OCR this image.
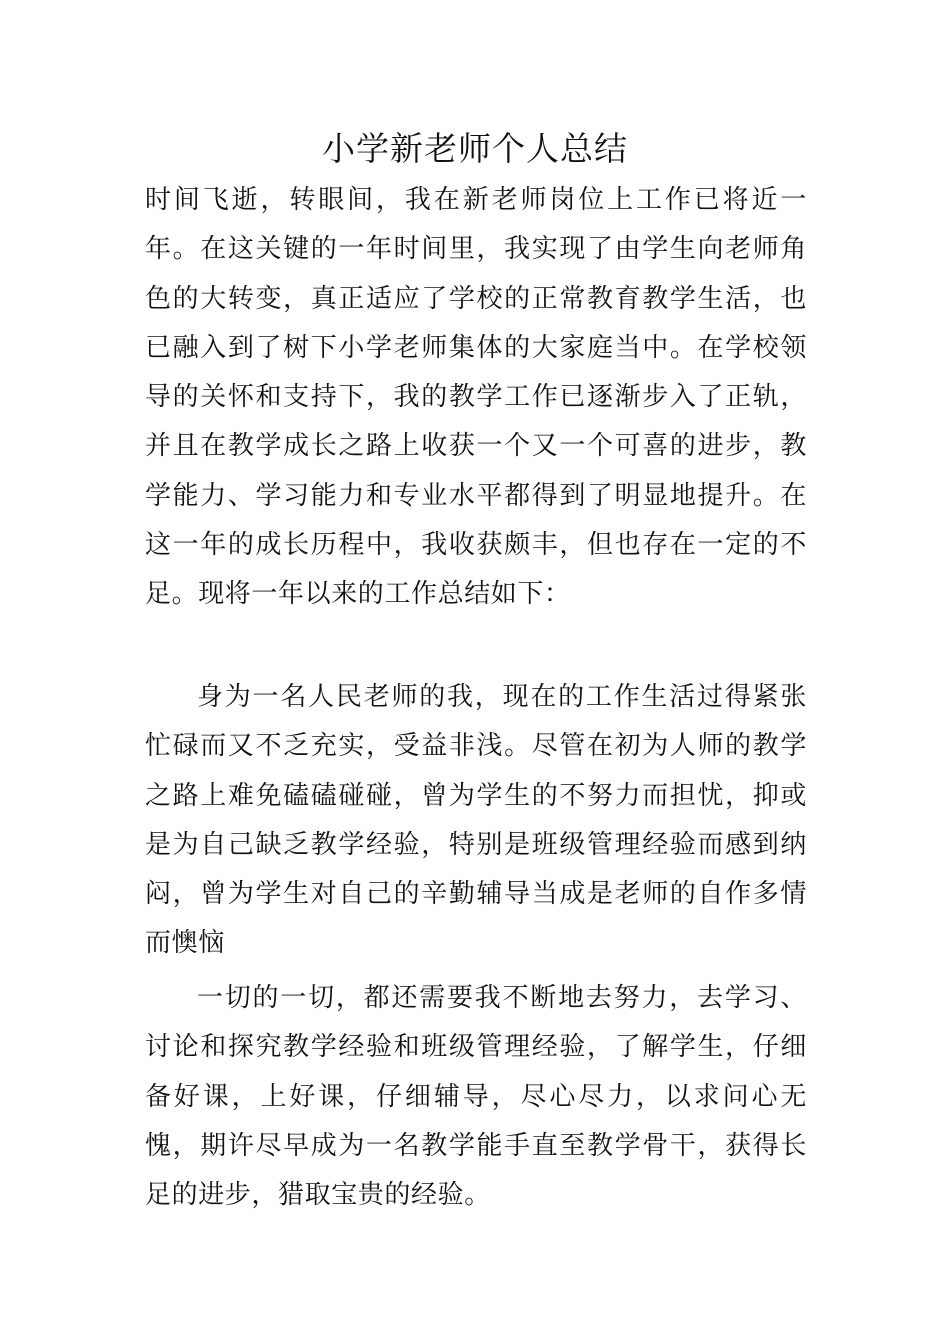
小学新老师个人总结

时间飞逝，转眼间，我在新老师岗位上工作已将近一年。在这关键的一年时间里，我实现了由学生向老师角色的大转变，真正适应了学校的正常教育教学生活，也已融入到了树下小学老师集体的大家庭当中。在学校领导的关怀和支持下，我的教学工作已逐渐步入了正轨，并且在教学成长之路上收获一个又一个可喜的进步，教学能力、学习能力和专业水平都得到了明显地提升。在这一年的成长历程中，我收获颇丰，但也存在一定的不足。现将一年以来的工作总结如下：

身为一名人民老师的我，现在的工作生活过得紧张忙碌而又不乏充实，受益非浅。尽管在初为人师的教学之路上难免磕磕碰碰，曾为学生的不努力而担忧，抑或是为自己缺乏教学经验，特别是班级管理经验而感到纳闷，曾为学生对自己的辛勤辅导当成是老师的自作多情而懊恼

一切的一切，都还需要我不断地去努力，去学习、讨论和探究教学经验和班级管理经验，了解学生，仔细备好课，上好课，仔细辅导，尽心尽力，以求问心无愧，期许尽早成为一名教学能手直至教学骨干，获得长足的进步，猎取宝贵的经验。
